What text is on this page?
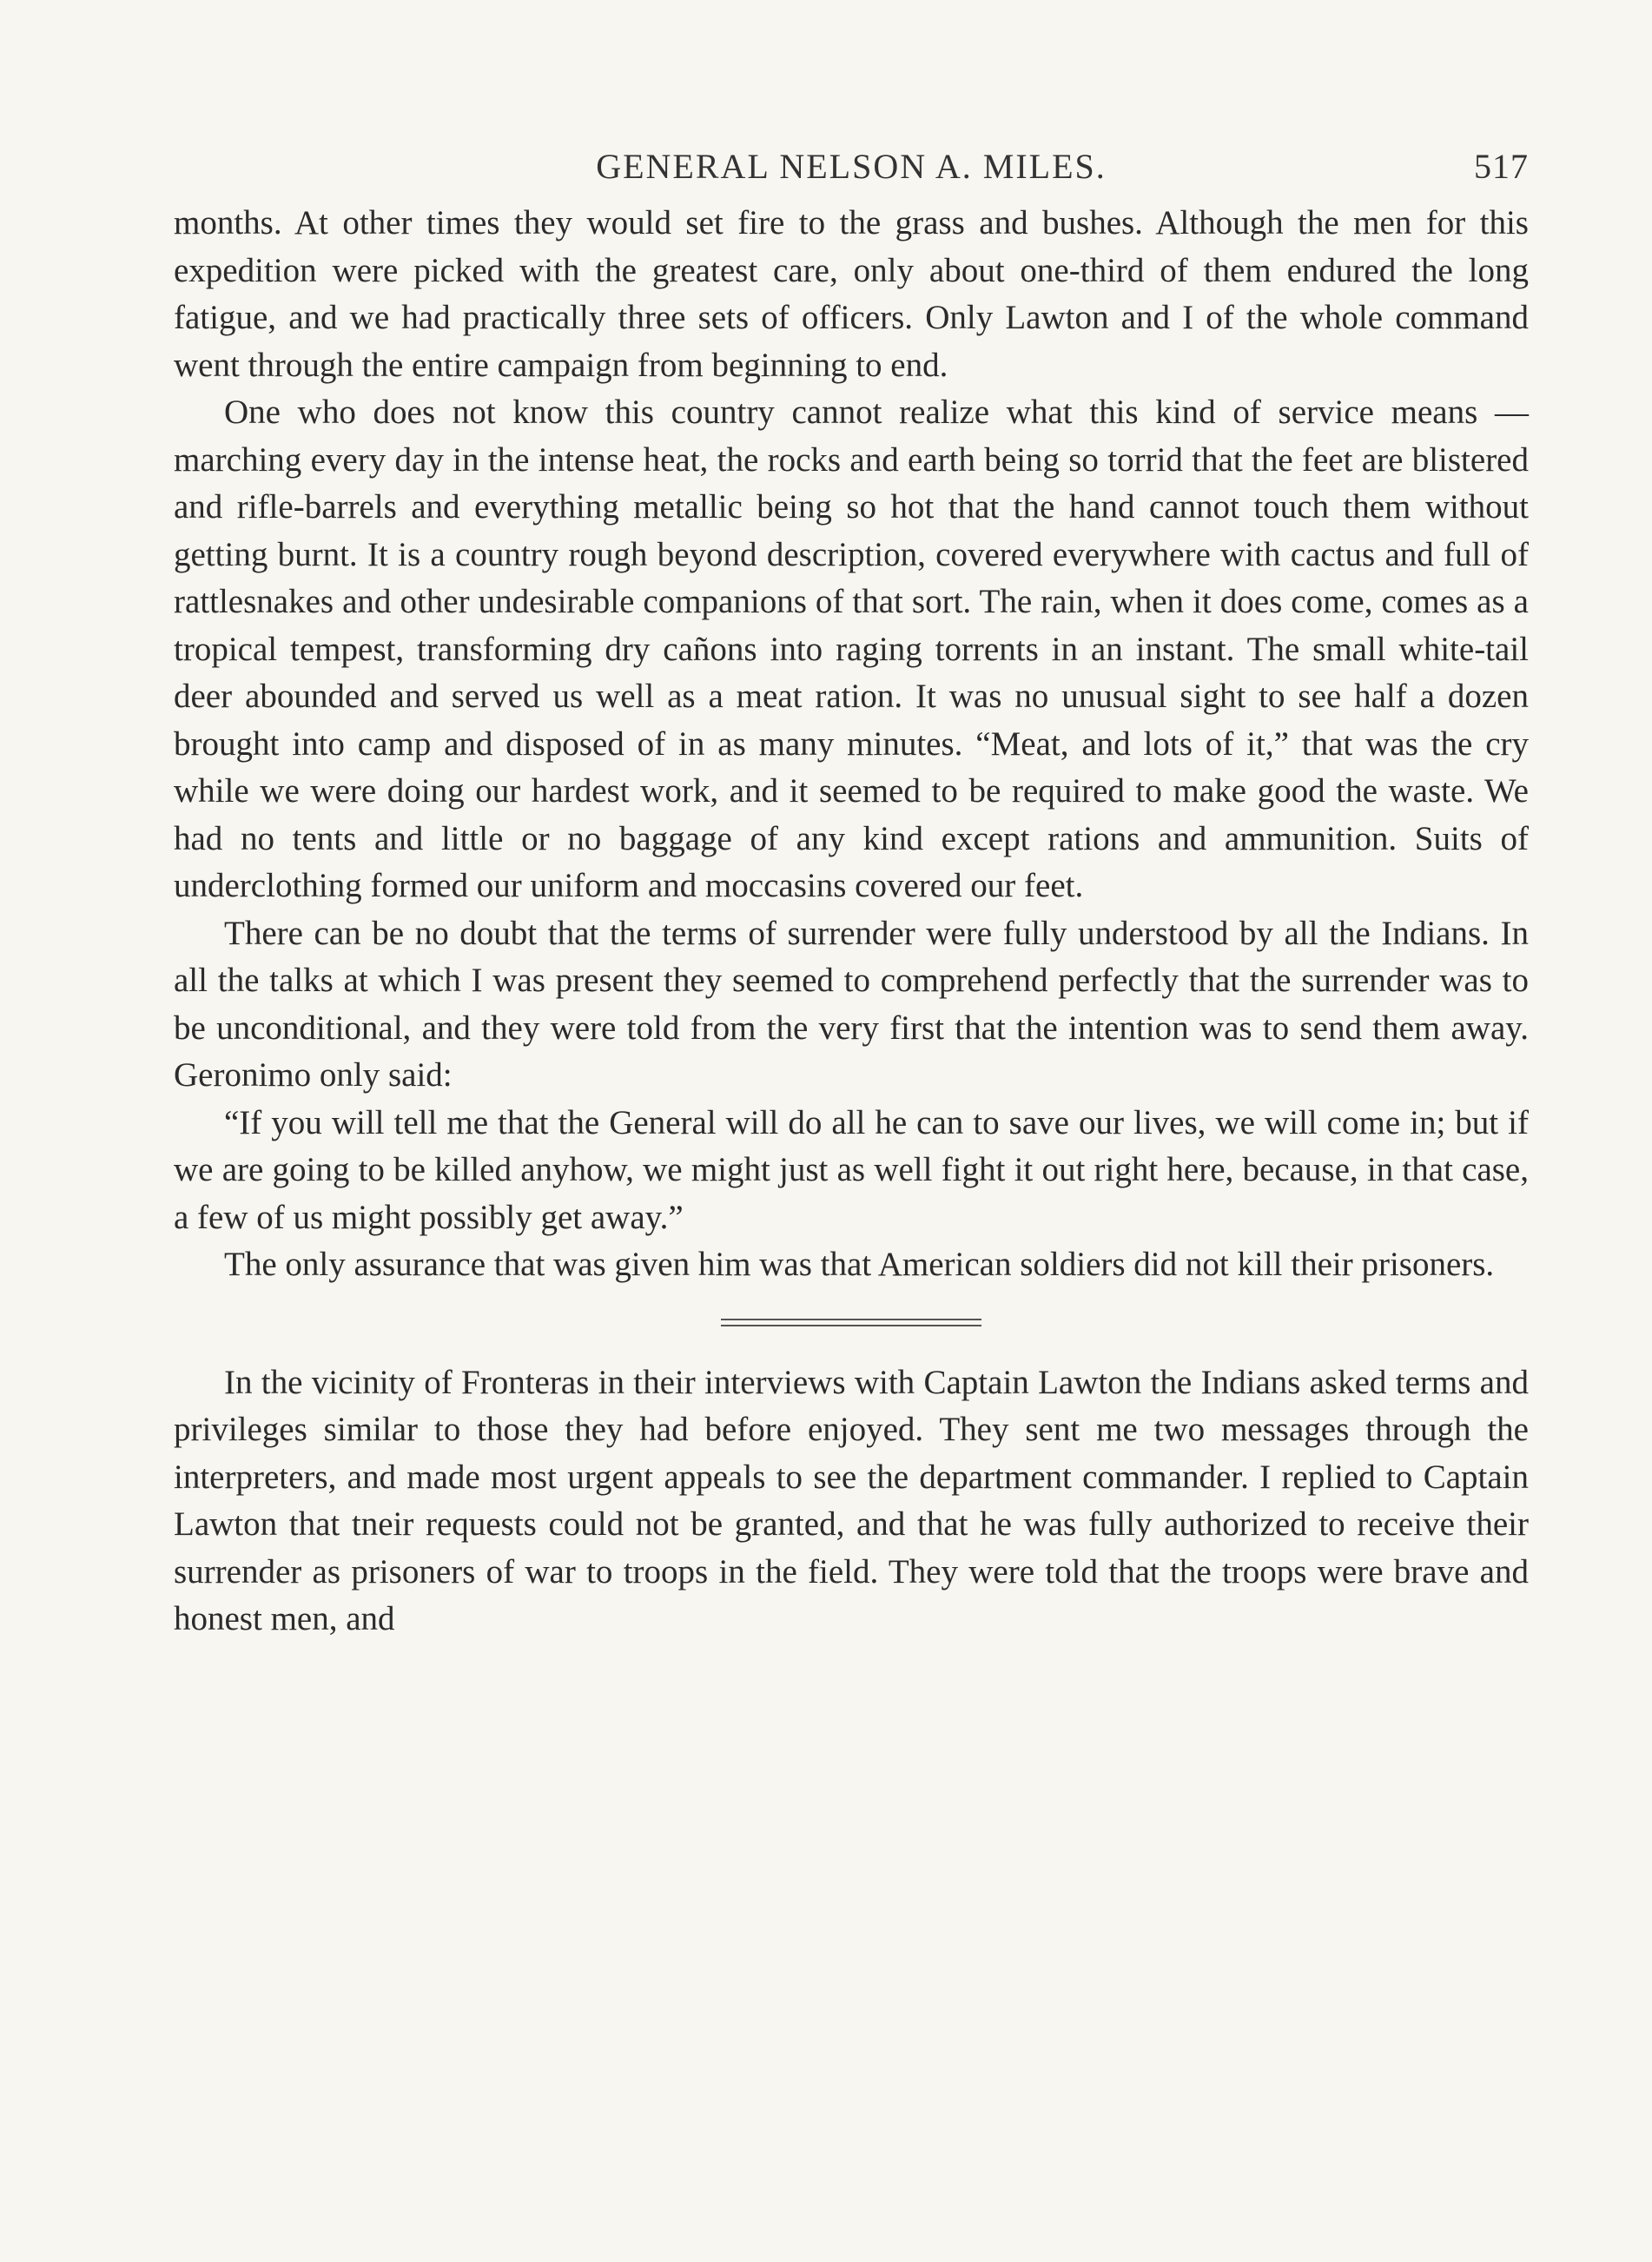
GENERAL NELSON A. MILES.	517

months. At other times they would set fire to the grass and bushes. Although the men for this expedition were picked with the greatest care, only about one-third of them endured the long fatigue, and we had practically three sets of officers. Only Lawton and I of the whole command went through the entire campaign from beginning to end.

One who does not know this country cannot realize what this kind of service means — marching every day in the intense heat, the rocks and earth being so torrid that the feet are blistered and rifle-barrels and everything metallic being so hot that the hand cannot touch them without getting burnt. It is a country rough beyond description, covered everywhere with cactus and full of rattlesnakes and other undesirable companions of that sort. The rain, when it does come, comes as a tropical tempest, transforming dry cañons into raging torrents in an instant. The small white-tail deer abounded and served us well as a meat ration. It was no unusual sight to see half a dozen brought into camp and disposed of in as many minutes. “Meat, and lots of it,” that was the cry while we were doing our hardest work, and it seemed to be required to make good the waste. We had no tents and little or no baggage of any kind except rations and ammunition. Suits of underclothing formed our uniform and moccasins covered our feet.

There can be no doubt that the terms of surrender were fully understood by all the Indians. In all the talks at which I was present they seemed to comprehend perfectly that the surrender was to be unconditional, and they were told from the very first that the intention was to send them away. Geronimo only said:

“If you will tell me that the General will do all he can to save our lives, we will come in; but if we are going to be killed anyhow, we might just as well fight it out right here, because, in that case, a few of us might possibly get away.”

The only assurance that was given him was that American soldiers did not kill their prisoners.

In the vicinity of Fronteras in their interviews with Captain Lawton the Indians asked terms and privileges similar to those they had before enjoyed. They sent me two messages through the interpreters, and made most urgent appeals to see the department commander. I replied to Captain Lawton that tneir requests could not be granted, and that he was fully authorized to receive their surrender as prisoners of war to troops in the field. They were told that the troops were brave and honest men, and
